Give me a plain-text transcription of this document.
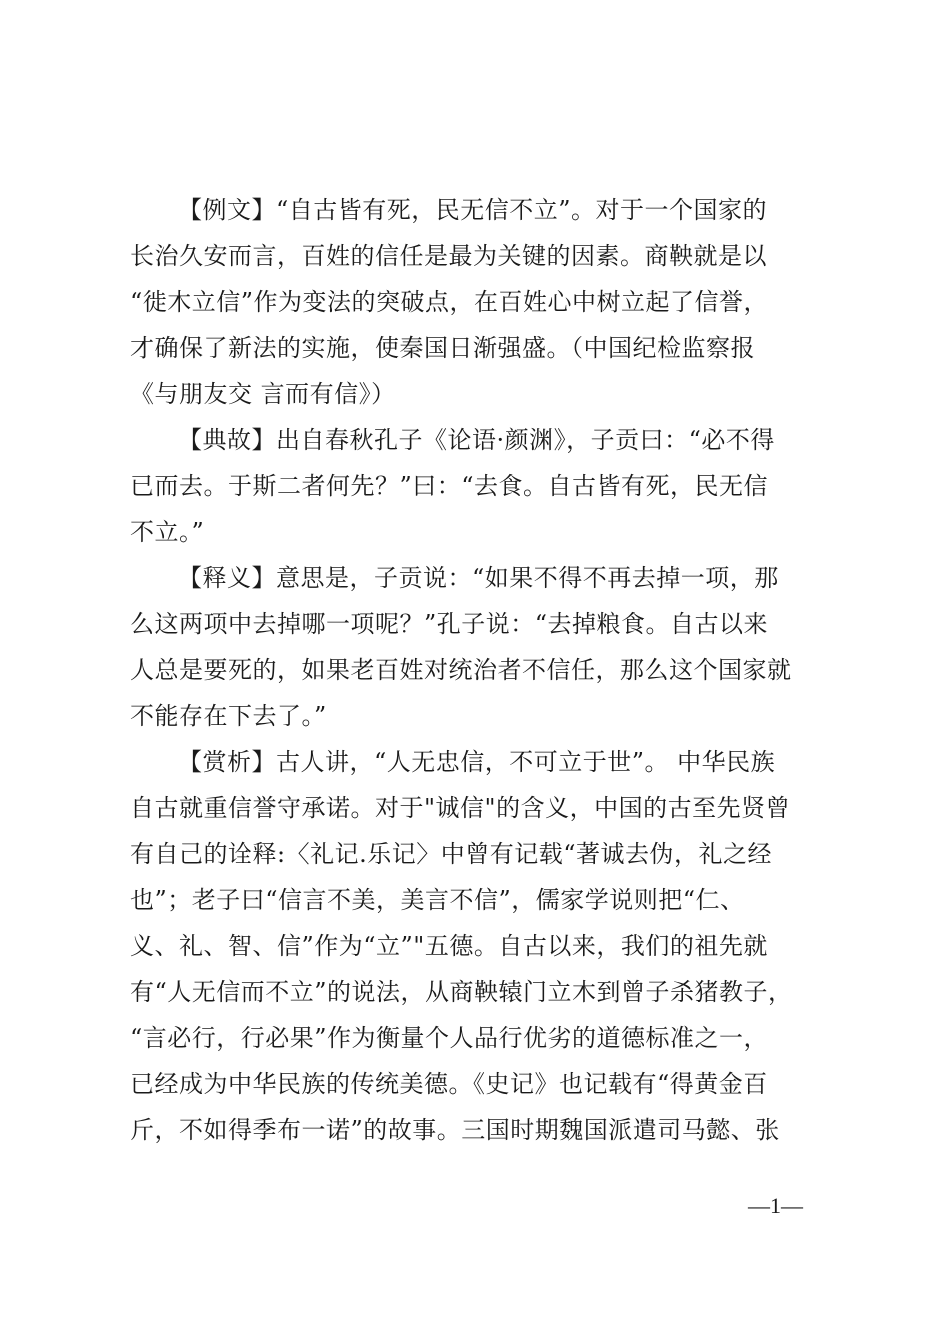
【例文】“自古皆有死，民无信不立”。对于一个国家的
长治久安而言，百姓的信任是最为关键的因素。商鞅就是以
“徙木立信”作为变法的突破点，在百姓心中树立起了信誉，
才确保了新法的实施，使秦国日渐强盛。（中国纪检监察报
《与朋友交 言而有信》）
【典故】出自春秋孔子《论语·颜渊》，子贡曰：“必不得
已而去。于斯二者何先？”曰：“去食。自古皆有死，民无信
不立。”
【释义】意思是，子贡说：“如果不得不再去掉一项，那
么这两项中去掉哪一项呢？”孔子说：“去掉粮食。自古以来
人总是要死的，如果老百姓对统治者不信任，那么这个国家就
不能存在下去了。”
【赏析】古人讲，“人无忠信，不可立于世”。 中华民族
自古就重信誉守承诺。对于"诚信"的含义，中国的古至先贤曾
有自己的诠释:〈礼记.乐记〉中曾有记载“著诚去伪，礼之经
也”；老子曰“信言不美，美言不信”，儒家学说则把“仁、
义、礼、智、信”作为“立”"五德。自古以来，我们的祖先就
有“人无信而不立”的说法，从商鞅辕门立木到曾子杀猪教子，
“言必行，行必果”作为衡量个人品行优劣的道德标准之一，
已经成为中华民族的传统美德。《史记》也记载有“得黄金百
斤，不如得季布一诺”的故事。三国时期魏国派遣司马懿、张
—1—
